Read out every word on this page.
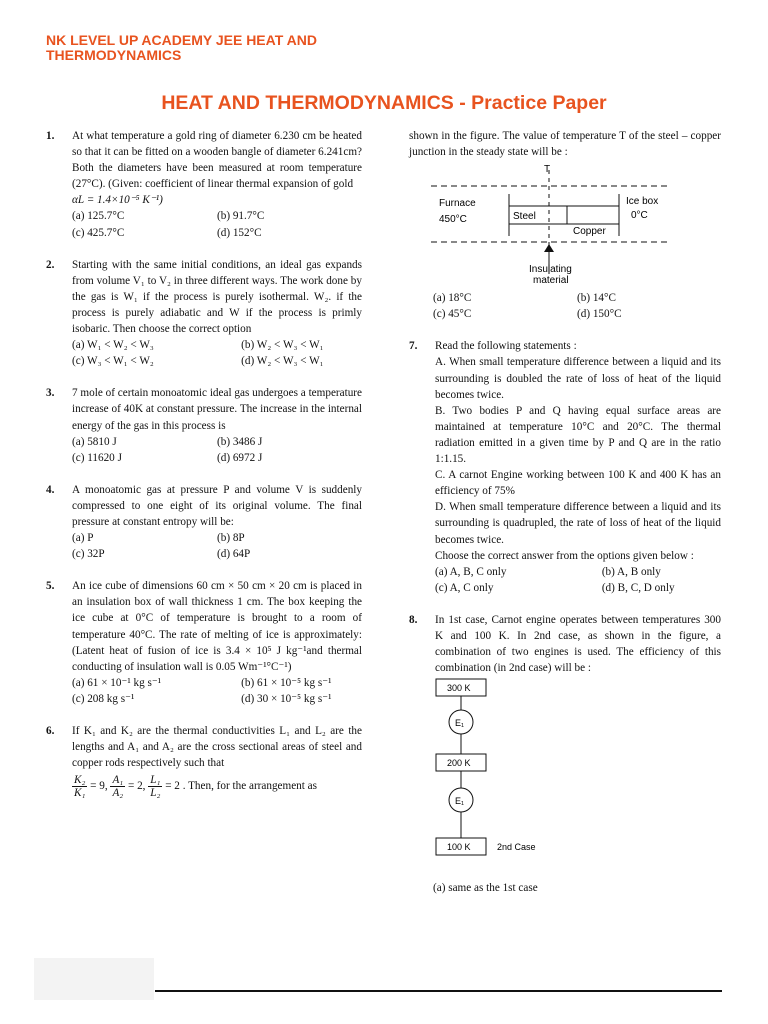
NK LEVEL UP ACADEMY JEE HEAT AND
THERMODYNAMICS
HEAT AND THERMODYNAMICS - Practice Paper
1. At what temperature a gold ring of diameter 6.230 cm be heated so that it can be fitted on a wooden bangle of diameter 6.241cm? Both the diameters have been measured at room temperature (27°C). (Given: coefficient of linear thermal expansion of gold
αL = 1.4×10⁻⁵ K⁻¹)
(a) 125.7°C	(b) 91.7°C
(c) 425.7°C	(d) 152°C
2. Starting with the same initial conditions, an ideal gas expands from volume V₁ to V₂ in three different ways. The work done by the gas is W₁ if the process is purely isothermal. W₂. if the process is purely adiabatic and W if the process is primly isobaric. Then choose the correct option
(a) W₁ < W₂ < W₃	(b) W₂ < W₃ < W₁
(c) W₃ < W₁ < W₂	(d) W₂ < W₃ < W₁
3. 7 mole of certain monoatomic ideal gas undergoes a temperature increase of 40K at constant pressure. The increase in the internal energy of the gas in this process is
(a) 5810 J	(b) 3486 J
(c) 11620 J	(d) 6972 J
4. A monoatomic gas at pressure P and volume V is suddenly compressed to one eight of its original volume. The final pressure at constant entropy will be:
(a) P	(b) 8P
(c) 32P	(d) 64P
5. An ice cube of dimensions 60 cm × 50 cm × 20 cm is placed in an insulation box of wall thickness 1 cm. The box keeping the ice cube at 0°C of temperature is brought to a room of temperature 40°C. The rate of melting of ice is approximately: (Latent heat of fusion of ice is 3.4 × 10⁵ J kg⁻¹and thermal conducting of insulation wall is 0.05 Wm⁻¹°C⁻¹)
(a) 61 × 10⁻¹ kg s⁻¹	(b) 61 × 10⁻⁵ kg s⁻¹
(c) 208 kg s⁻¹	(d) 30 × 10⁻⁵ kg s⁻¹
6. If K₁ and K₂ are the thermal conductivities L₁ and L₂ are the lengths and A₁ and A₂ are the cross sectional areas of steel and copper rods respectively such that
$\frac{\text{K₂}}{\text{K₁}} = 9$, $\frac{\text{A₁}}{\text{A₂}} = 2$, $\frac{\text{L₁}}{\text{L₂}} = 2$ . Then, for the arrangement as
shown in the figure. The value of temperature T of the steel – copper junction in the steady state will be :
T
Furnace
450°C	Steel
Copper
Ice box
0°C
Insulating
material
(a) 18°C	(b) 14°C
(c) 45°C	(d) 150°C
7. Read the following statements :
A. When small temperature difference between a liquid and its surrounding is doubled the rate of loss of heat of the liquid becomes twice.
B. Two bodies P and Q having equal surface areas are maintained at temperature 10°C and 20°C. The thermal radiation emitted in a given time by P and Q are in the ratio 1:1.15.
C. A carnot Engine working between 100 K and 400 K has an efficiency of 75%
D. When small temperature difference between a liquid and its surrounding is quadrupled, the rate of loss of heat of the liquid becomes twice.
Choose the correct answer from the options given below :
(a) A, B, C only	(b) A, B only
(c) A, C only	(d) B, C, D only
8. In 1st case, Carnot engine operates between temperatures 300 K and 100 K. In 2nd case, as shown in the figure, a combination of two engines is used. The efficiency of this combination (in 2nd case) will be :
300 K
E₁
200 K
E₁
100 K	2nd Case
(a) same as the 1st case
